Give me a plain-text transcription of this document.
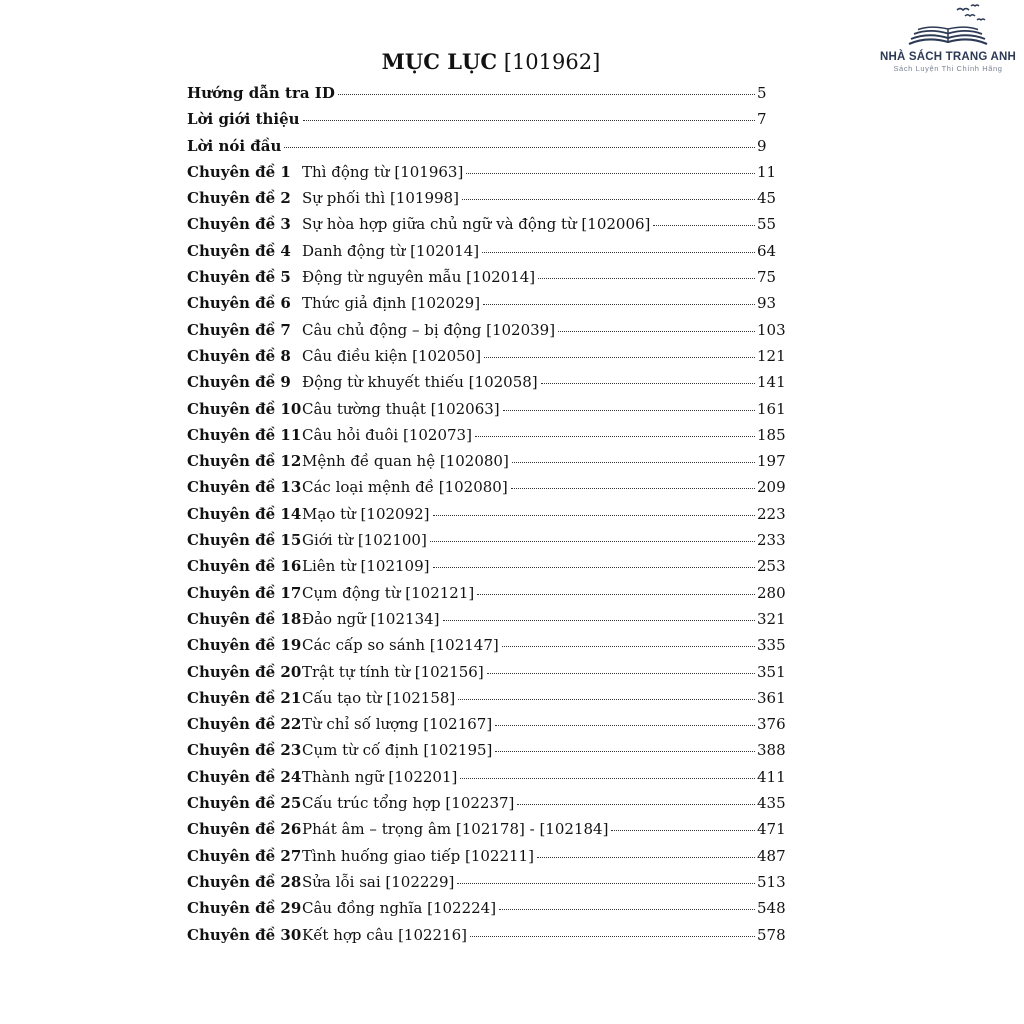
NHÀ SÁCH TRANG ANH
Sách Luyện Thi Chính Hãng
MỤC LỤC [101962]
Hướng dẫn tra ID	5
Lời giới thiệu	7
Lời nói đầu	9
Chuyên đề 1 Thì động từ [101963]	11
Chuyên đề 2 Sự phối thì [101998]	45
Chuyên đề 3 Sự hòa hợp giữa chủ ngữ và động từ [102006]	55
Chuyên đề 4 Danh động từ [102014]	64
Chuyên đề 5 Động từ nguyên mẫu [102014]	75
Chuyên đề 6 Thức giả định [102029]	93
Chuyên đề 7 Câu chủ động – bị động [102039]	103
Chuyên đề 8 Câu điều kiện [102050]	121
Chuyên đề 9 Động từ khuyết thiếu [102058]	141
Chuyên đề 10 Câu tường thuật [102063]	161
Chuyên đề 11 Câu hỏi đuôi [102073]	185
Chuyên đề 12 Mệnh đề quan hệ [102080]	197
Chuyên đề 13 Các loại mệnh đề [102080]	209
Chuyên đề 14 Mạo từ [102092]	223
Chuyên đề 15 Giới từ [102100]	233
Chuyên đề 16 Liên từ [102109]	253
Chuyên đề 17 Cụm động từ [102121]	280
Chuyên đề 18 Đảo ngữ [102134]	321
Chuyên đề 19 Các cấp so sánh [102147]	335
Chuyên đề 20 Trật tự tính từ [102156]	351
Chuyên đề 21 Cấu tạo từ [102158]	361
Chuyên đề 22 Từ chỉ số lượng [102167]	376
Chuyên đề 23 Cụm từ cố định [102195]	388
Chuyên đề 24 Thành ngữ [102201]	411
Chuyên đề 25 Cấu trúc tổng hợp [102237]	435
Chuyên đề 26 Phát âm – trọng âm [102178] - [102184]	471
Chuyên đề 27 Tình huống giao tiếp [102211]	487
Chuyên đề 28 Sửa lỗi sai [102229]	513
Chuyên đề 29 Câu đồng nghĩa [102224]	548
Chuyên đề 30 Kết hợp câu [102216]	578
